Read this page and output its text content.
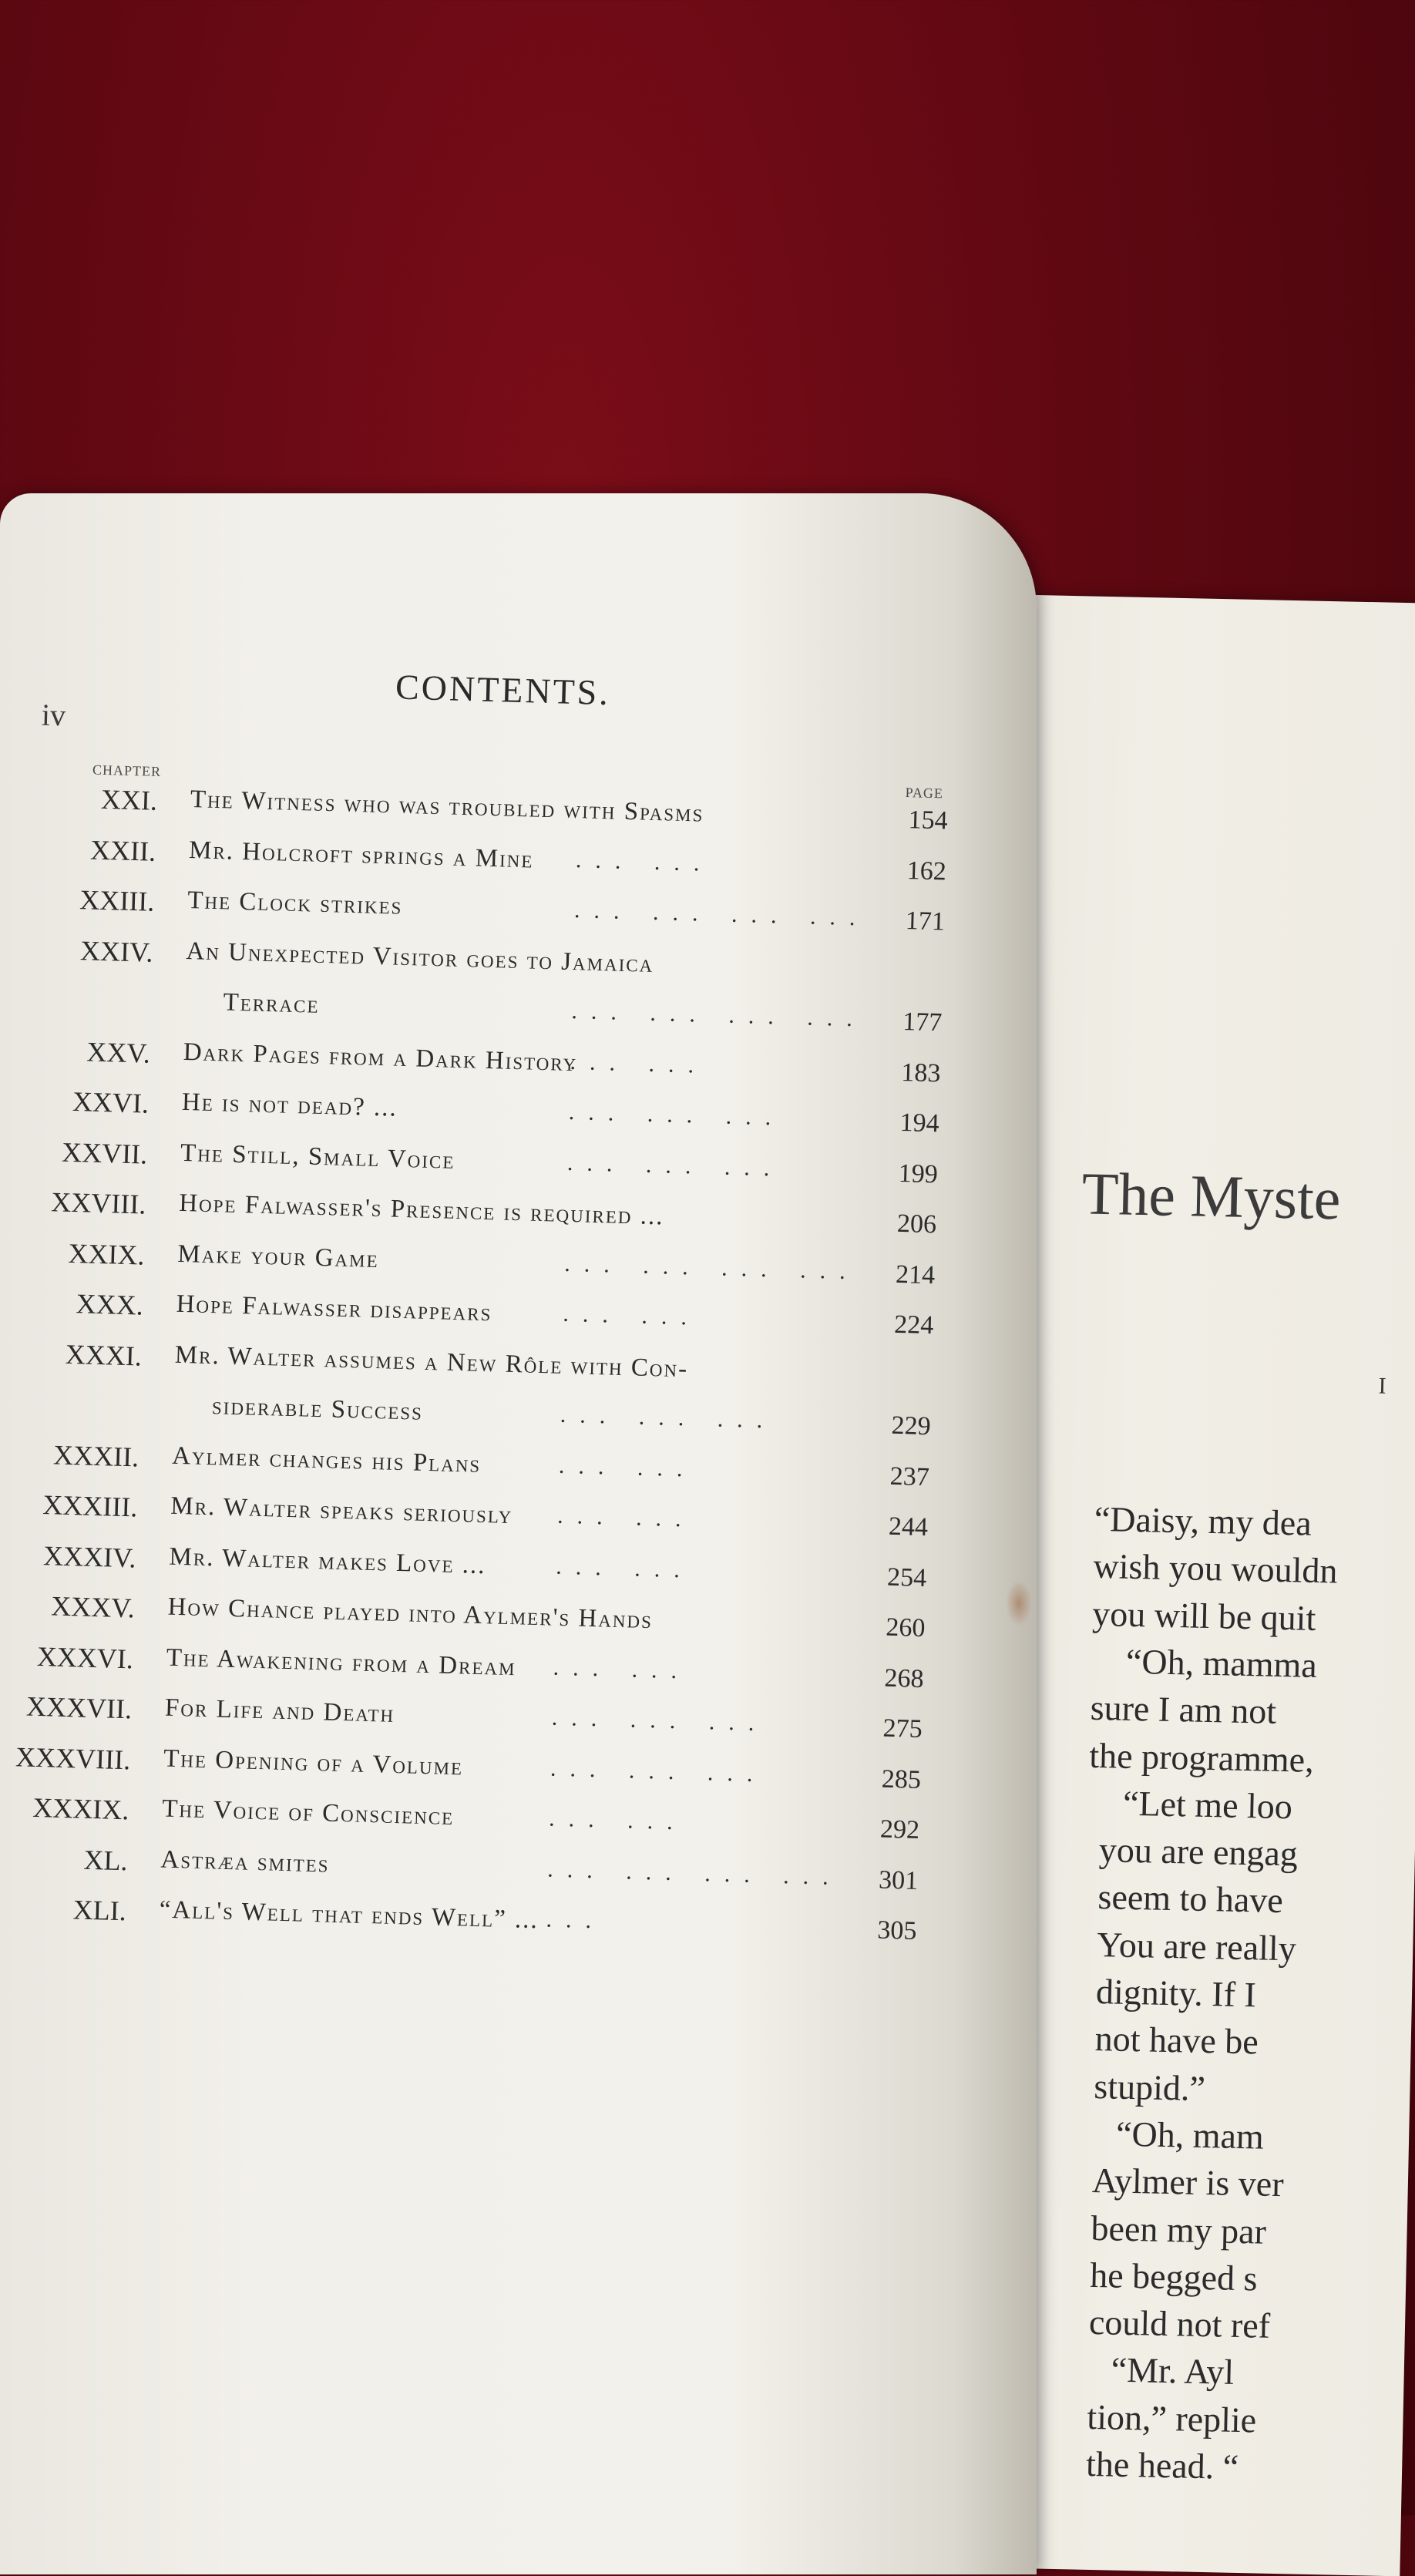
The Myste
I
“Daisy, my dea
wish you wouldn
you will be quit
“Oh, mamma
sure I am not
the programme,
“Let me loo
you are engag
seem to have
You are really
dignity. If I
not have be
stupid.”
“Oh, mam
Aylmer is ver
been my par
he begged s
could not ref
“Mr. Ayl
tion,” replie
the head. “
iv
CONTENTS.
CHAPTER
PAGE
XXI. The Witness who was troubled with Spasms	154
XXII. Mr. Holcroft springs a Mine ... ...	162
XXIII. The Clock strikes	... ... ... ...	171
XXIV. An Unexpected Visitor goes to Jamaica
Terrace	... ... ... ...	177
XXV. Dark Pages from a Dark History
... ...	183
XXVI. He is not dead? ...	... ... ...	194
XXVII. The Still, Small Voice	... ... ...	199
XXVIII. Hope Falwasser's Presence is required ...	206
XXIX. Make your Game	... ... ... ...	214
XXX. Hope Falwasser disappears	... ...	224
XXXI. Mr. Walter assumes a New Rôle with Con-
siderable Success	... ... ...	229
XXXII. Aylmer changes his Plans	... ...	237
XXXIII. Mr. Walter speaks seriously ... ...	244
XXXIV. Mr. Walter makes Love ...	... ...	254
XXXV. How Chance played into Aylmer's Hands	260
XXXVI. The Awakening from a Dream ... ...	268
XXXVII. For Life and Death	... ... ...	275
XXXVIII. The Opening of a Volume	... ... ...	285
XXXIX. The Voice of Conscience	... ...	292
XL. Astræa smites	... ... ... ...	301
XLI. “All's Well that ends Well” ... ...	305
